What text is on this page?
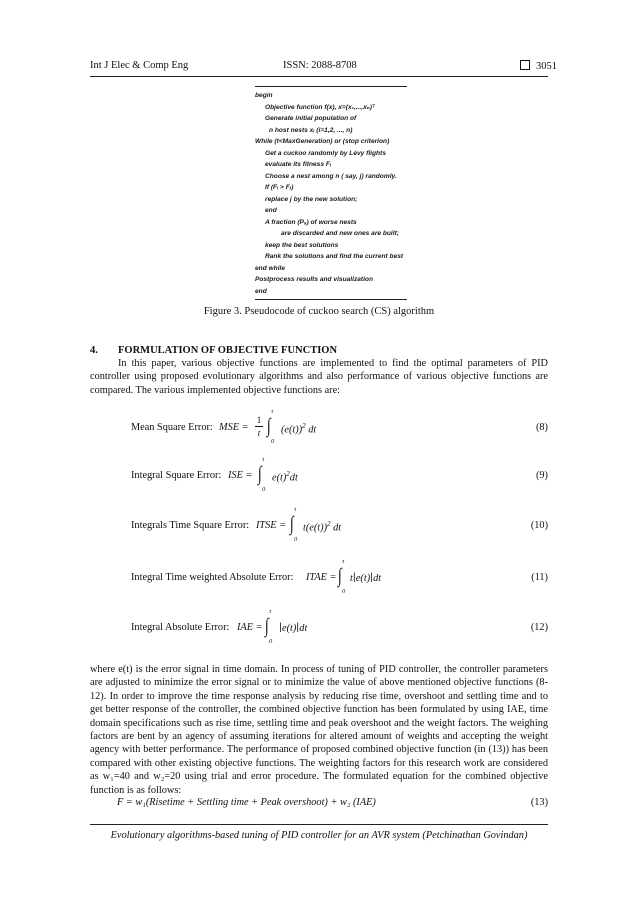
Int J Elec & Comp Eng	ISSN: 2088-8708	3051
begin
Objective function f(x), x=(x₁,...,xₙ)ᵀ
Generate initial population of
n host nests xᵢ (i=1,2, ..., n)
While (t<MaxGeneration) or (stop criterion)
Get a cuckoo randomly by Lévy flights
evaluate its fitness Fᵢ
Choose a nest among n ( say, j) randomly.
If (Fᵢ > Fⱼ)
replace j by the new solution;
end
A fraction (Pₐ) of worse nests
are discarded and new ones are built;
keep the best solutions
Rank the solutions and find the current best
end while
Postprocess results and visualization
end
Figure 3. Pseudocode of cuckoo search (CS) algorithm
4. FORMULATION OF OBJECTIVE FUNCTION

In this paper, various objective functions are implemented to find the optimal parameters of PID controller using proposed evolutionary algorithms and also performance of various objective functions are compared. The various implemented objective functions are:

Mean Square Error: MSE =
1
t ∫
τ
0
$(e(t))^2$ dt	(8)
Integral Square Error: ISE = ∫
τ
0
$e(t)^2dt$	(9)
Integrals Time Square Error: ITSE = ∫
τ
0
$t(e(t))^2$ dt	(10)
Integral Time weighted Absolute Error: ITAE = ∫
τ
0
t∣e(t)∣dt	(11)
Integral Absolute Error: IAE = ∫
τ
0
∣e(t)∣dt	(12)

where e(t) is the error signal in time domain. In process of tuning of PID controller, the controller parameters are adjusted to minimize the error signal or to minimize the value of above mentioned objective functions (8-12). In order to improve the time response analysis by reducing rise time, overshoot and settling time and to get better response of the controller, the combined objective function has been formulated by using IAE, time domain specifications such as rise time, settling time and peak overshoot and the weight factors. The weighing factors are bent by an agency of assuming iterations for altered amount of weights and accepting the weight agency with better performance. The performance of proposed combined objective function (in (13)) has been compared with other existing objective functions. The weighting factors for this research work are considered as w₁=40 and w₂=20 using trial and error procedure. The formulated equation for the combined objective function is as follows:

F = w₁(Risetime + Settling time + Peak overshoot) + w₂ (IAE)	(13)
Evolutionary algorithms-based tuning of PID controller for an AVR system (Petchinathan Govindan)
